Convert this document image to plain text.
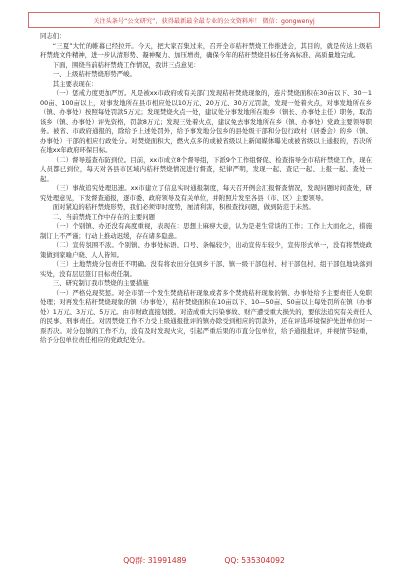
关注头条号“公文研究”，获得最新最全最专业的公文资料库！ 微信：gongwenyj

同志们：

“三夏”大忙的帷幕已经拉开。今天，把大家召集过来，召开全市秸秆禁烧工作推进会，其目的，就是传达上级秸秆禁烧文件精神，进一步认清形势、凝神聚力、加压增责，确保今年的秸秆禁烧目标任务高标准、高质量地完成。

下面，围绕当前秸秆禁烧工作情况，我讲三点意见：

一、上级秸秆禁烧形势严峻。

其主要表现在：

（一）惩戒力度更加严厉。凡是被xx市政府或有关部门发现秸秆焚烧现象的，连片焚烧面积在30亩以下、30－100亩、100亩以上，对事发地所在县市相应处以10万元、20万元、30万元罚款，发现一处着火点，对事发地所在乡（镇、办事处）按照每处罚款5万元；发现焚烧火点一处，建议处分事发地所在地乡（镇长、办事处主任）职务，取消该乡（镇、办事处）评先资格，罚款8万元；发现三处着火点，建议免去事发地所在乡（镇、办事处）党政主要领导职务。被省、市政府通报的，除给予上述处罚外，给予事发地分包乡的县处级干部和分包行政村（居委会）的乡（镇、办事处）干部的相应行政处分。对焚烧面积大，燃火点多的或被省级以上新闻媒体曝光或被省级以上通报的，否决所在地xx年政府环保目标。

（二）督导巡查布防到位。目前，xx市成立8个督导组，下派9个工作组督促、检查指导全市秸秆禁烧工作，现在人员都已到位，每天对各县市区域内秸秆禁烧情况进行督查，纪律严明，发现一起、查记一起、上报一起、查处一起。

（三）事故追究处理迅速。xx市建立了信息实时通报制度，每天召开例会汇报督查情况，发现问题时间查处，研究处理意见，下发督查通报，逐市委、政府领导及有关单位，并附照片发至各县（市、区）主要领导。

面对紧迫的秸秆禁烧形势，我们必须审时度势，厘清利害，积极查找问题，做到防范于未然。

二、当前禁烧工作中存在的主要问题

（一）个别镇、办还没有高度重视，表现在：思想上麻痹大意，认为是老生常谈的工作；工作上大而化之，措施制订上不严谨；行动上推动迟缓，存在诸多隐患。

（二）宣传氛围不浓。个别镇、办事处标语、口号、条幅较少，出动宣传车较少，宣传形式单一，没有将禁烧政策做到家喻户晓、人人皆知。

（三）土地禁烧分包责任不明确。没有将农田分包到乡干部、镇一级干部包村、村干部包村、组干部包地块落到实处，没有层层签订目标责任制。

三、研究制订我市禁烧的主要措施

（一）严格兑现奖惩。对全市第一个发生焚烧秸秆现象或者多个焚烧秸秆现象的镇、办事处给予主要责任人免职处理；对再发生秸秆焚烧现象的镇（办事处），秸秆焚烧面积在10亩以下、10—50亩、50亩以上每处罚所在镇（办事处）1万元、3万元、5万元。由市财政直接划拨。对造成重大污染事故、财产遭受重大损失的，要依法追究有关责任人的民事、刑事责任。对因禁烧工作不力受上级通报批评的镇办除受到相应的罚款外，还在评选环境保护先进单位时一票否决。对分包镇的工作不力，没有及时发现火灾，引起严重后果的市直分包单位，给予通报批评，并视情节轻重，给予分包单位责任相应的党政纪处分。

QQ群: 31991489	QQ: 535304092
